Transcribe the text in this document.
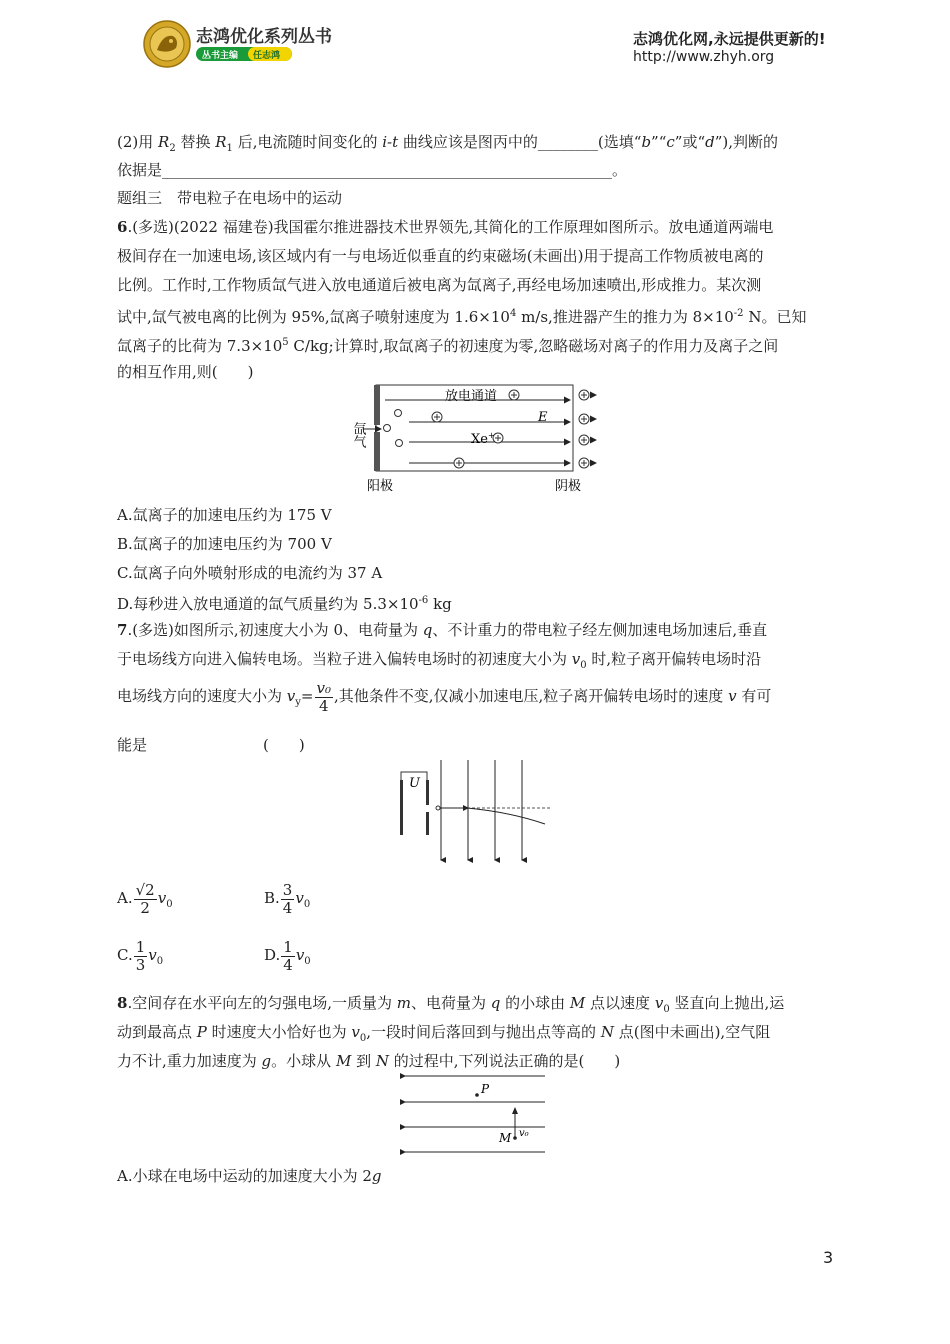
志鸿优化系列丛书
丛书主编 任志鸿
志鸿优化网,永远提供更新的!
http://www.zhyh.org
(2)用 $R_2$ 替换 $R_1$ 后,电流随时间变化的 i-t 曲线应该是图丙中的________(选填“b”“c”或“d”),判断的
依据是____________________________________________________________。
题组三　带电粒子在电场中的运动
6.(多选)(2022 福建卷)我国霍尔推进器技术世界领先,其简化的工作原理如图所示。放电通道两端电
极间存在一加速电场,该区域内有一与电场近似垂直的约束磁场(未画出)用于提高工作物质被电离的
比例。工作时,工作物质氙气进入放电通道后被电离为氙离子,再经电场加速喷出,形成推力。某次测
试中,氙气被电离的比例为 95%,氙离子喷射速度为 $1.6\times 10^4$ m/s,推进器产生的推力为 $8\times 10^{-2}$ N。已知
氙离子的比荷为 $7.3\times 10^5$ C/kg;计算时,取氙离子的初速度为零,忽略磁场对离子的作用力及离子之间
的相互作用,则(　　)
放电通道
E
Xe+
氙气
阳极	阴极
A.氙离子的加速电压约为 175 V
B.氙离子的加速电压约为 700 V
C.氙离子向外喷射形成的电流约为 37 A
D.每秒进入放电通道的氙气质量约为 $5.3\times 10^{-6}$ kg
7.(多选)如图所示,初速度大小为 0、电荷量为 q、不计重力的带电粒子经左侧加速电场加速后,垂直
于电场线方向进入偏转电场。当粒子进入偏转电场时的初速度大小为 $v_0$ 时,粒子离开偏转电场时沿
电场线方向的速度大小为 $v_y= \frac{\text{v₀}}{4}$ ,其他条件不变,仅减小加速电压,粒子离开偏转电场时的速度 v 有可
能是	(　　)
U
A. $\frac{√2}{2} v_0$	B. $\frac{3}{4} v_0$
C. $\frac{1}{3} v_0$	D. $\frac{1}{4} v_0$
8.空间存在水平向左的匀强电场,一质量为 m、电荷量为 q 的小球由 M 点以速度 $v_0$ 竖直向上抛出,运
动到最高点 P 时速度大小恰好也为 $v_0$,一段时间后落回到与抛出点等高的 N 点(图中未画出),空气阻
力不计,重力加速度为 g。小球从 M 到 N 的过程中,下列说法正确的是(　　)
P
M v₀
A.小球在电场中运动的加速度大小为 2g
3
